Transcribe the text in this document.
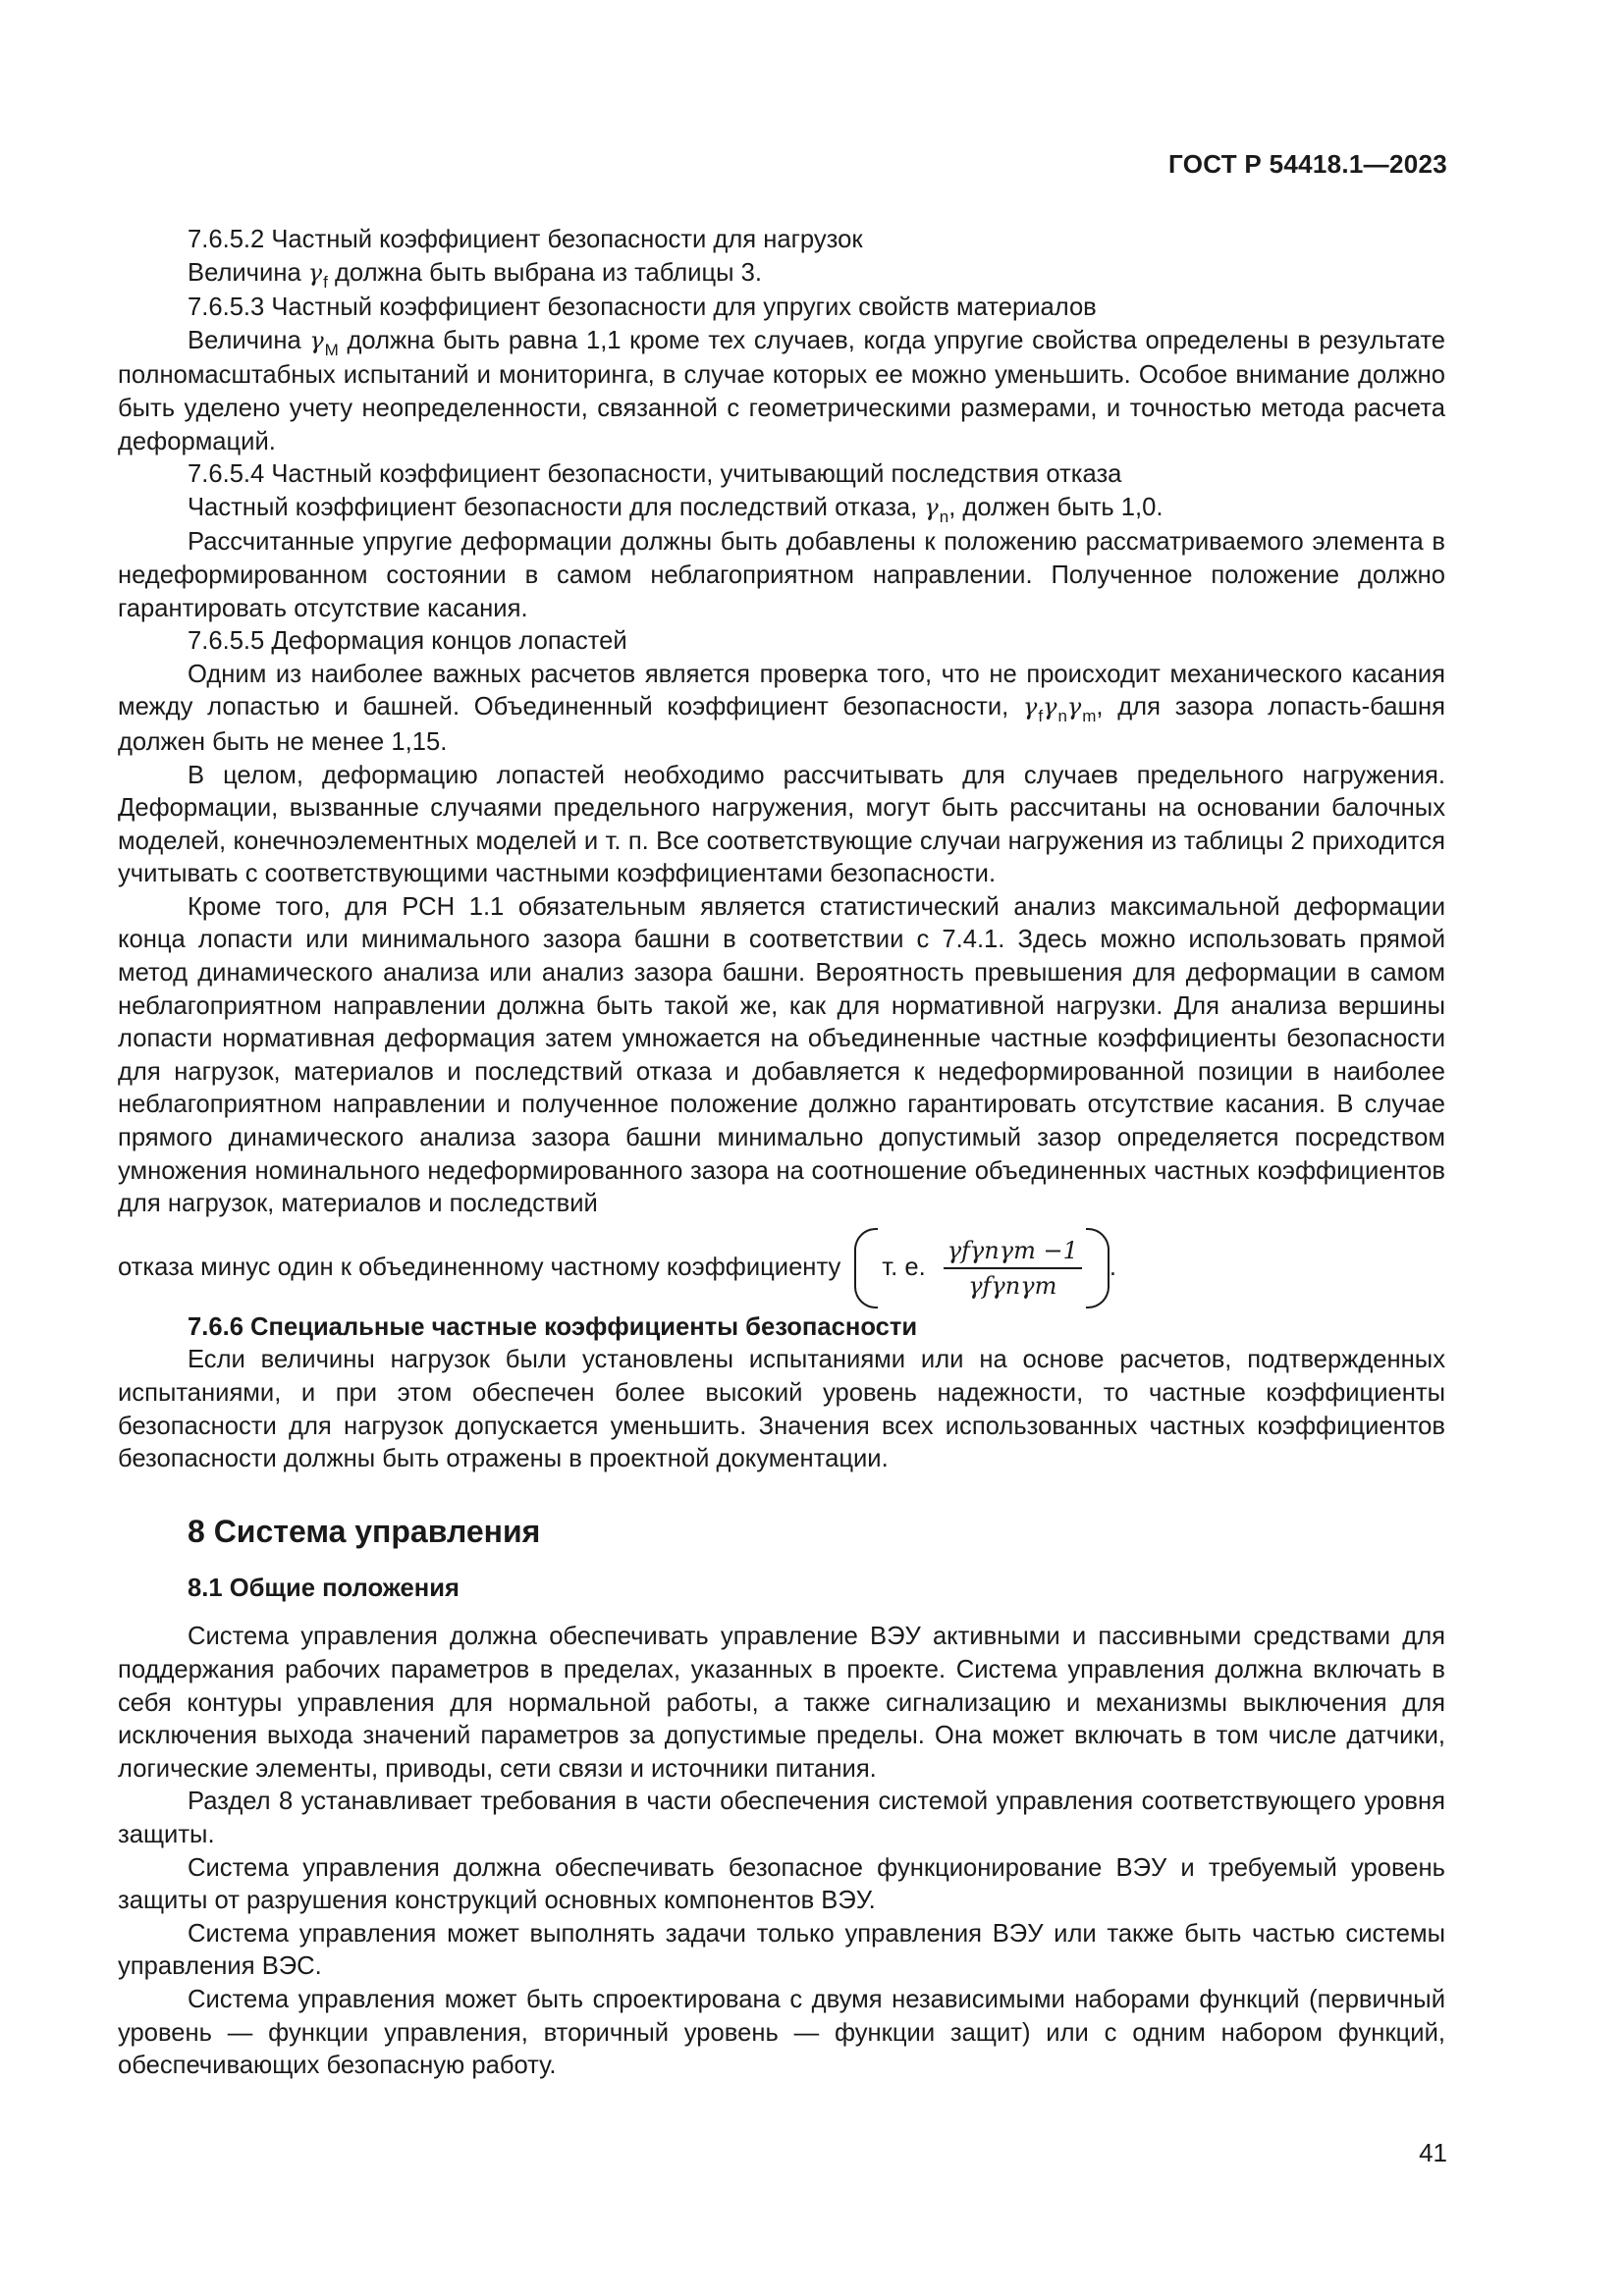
ГОСТ Р 54418.1—2023

7.6.5.2 Частный коэффициент безопасности для нагрузок

Величина $\gamma_f$ должна быть выбрана из таблицы 3.

7.6.5.3 Частный коэффициент безопасности для упругих свойств материалов

Величина $\gamma_M$ должна быть равна 1,1 кроме тех случаев, когда упругие свойства определены в результате полномасштабных испытаний и мониторинга, в случае которых ее можно уменьшить. Особое внимание должно быть уделено учету неопределенности, связанной с геометрическими размерами, и точностью метода расчета деформаций.

7.6.5.4 Частный коэффициент безопасности, учитывающий последствия отказа

Частный коэффициент безопасности для последствий отказа, $\gamma_n$, должен быть 1,0.

Рассчитанные упругие деформации должны быть добавлены к положению рассматриваемого элемента в недеформированном состоянии в самом неблагоприятном направлении. Полученное положение должно гарантировать отсутствие касания.

7.6.5.5 Деформация концов лопастей

Одним из наиболее важных расчетов является проверка того, что не происходит механического касания между лопастью и башней. Объединенный коэффициент безопасности, $\gamma_f\gamma_n\gamma_m$, для зазора лопасть-башня должен быть не менее 1,15.

В целом, деформацию лопастей необходимо рассчитывать для случаев предельного нагружения. Деформации, вызванные случаями предельного нагружения, могут быть рассчитаны на основании балочных моделей, конечноэлементных моделей и т. п. Все соответствующие случаи нагружения из таблицы 2 приходится учитывать с соответствующими частными коэффициентами безопасности.

Кроме того, для РСН 1.1 обязательным является статистический анализ максимальной деформации конца лопасти или минимального зазора башни в соответствии с 7.4.1. Здесь можно использовать прямой метод динамического анализа или анализ зазора башни. Вероятность превышения для деформации в самом неблагоприятном направлении должна быть такой же, как для нормативной нагрузки. Для анализа вершины лопасти нормативная деформация затем умножается на объединенные частные коэффициенты безопасности для нагрузок, материалов и последствий отказа и добавляется к недеформированной позиции в наиболее неблагоприятном направлении и полученное положение должно гарантировать отсутствие касания. В случае прямого динамического анализа зазора башни минимально допустимый зазор определяется посредством умножения номинального недеформированного зазора на соотношение объединенных частных коэффициентов для нагрузок, материалов и последствий

отказа минус один к объединенному частному коэффициенту т. е. $\frac{\text{γfγnγm −1}}{\text{γfγnγm}}$ .

7.6.6 Специальные частные коэффициенты безопасности

Если величины нагрузок были установлены испытаниями или на основе расчетов, подтвержденных испытаниями, и при этом обеспечен более высокий уровень надежности, то частные коэффициенты безопасности для нагрузок допускается уменьшить. Значения всех использованных частных коэффициентов безопасности должны быть отражены в проектной документации.

8 Система управления
8.1 Общие положения

Система управления должна обеспечивать управление ВЭУ активными и пассивными средствами для поддержания рабочих параметров в пределах, указанных в проекте. Система управления должна включать в себя контуры управления для нормальной работы, а также сигнализацию и механизмы выключения для исключения выхода значений параметров за допустимые пределы. Она может включать в том числе датчики, логические элементы, приводы, сети связи и источники питания.

Раздел 8 устанавливает требования в части обеспечения системой управления соответствующего уровня защиты.

Система управления должна обеспечивать безопасное функционирование ВЭУ и требуемый уровень защиты от разрушения конструкций основных компонентов ВЭУ.

Система управления может выполнять задачи только управления ВЭУ или также быть частью системы управления ВЭС.

Система управления может быть спроектирована с двумя независимыми наборами функций (первичный уровень — функции управления, вторичный уровень — функции защит) или с одним набором функций, обеспечивающих безопасную работу.

41
